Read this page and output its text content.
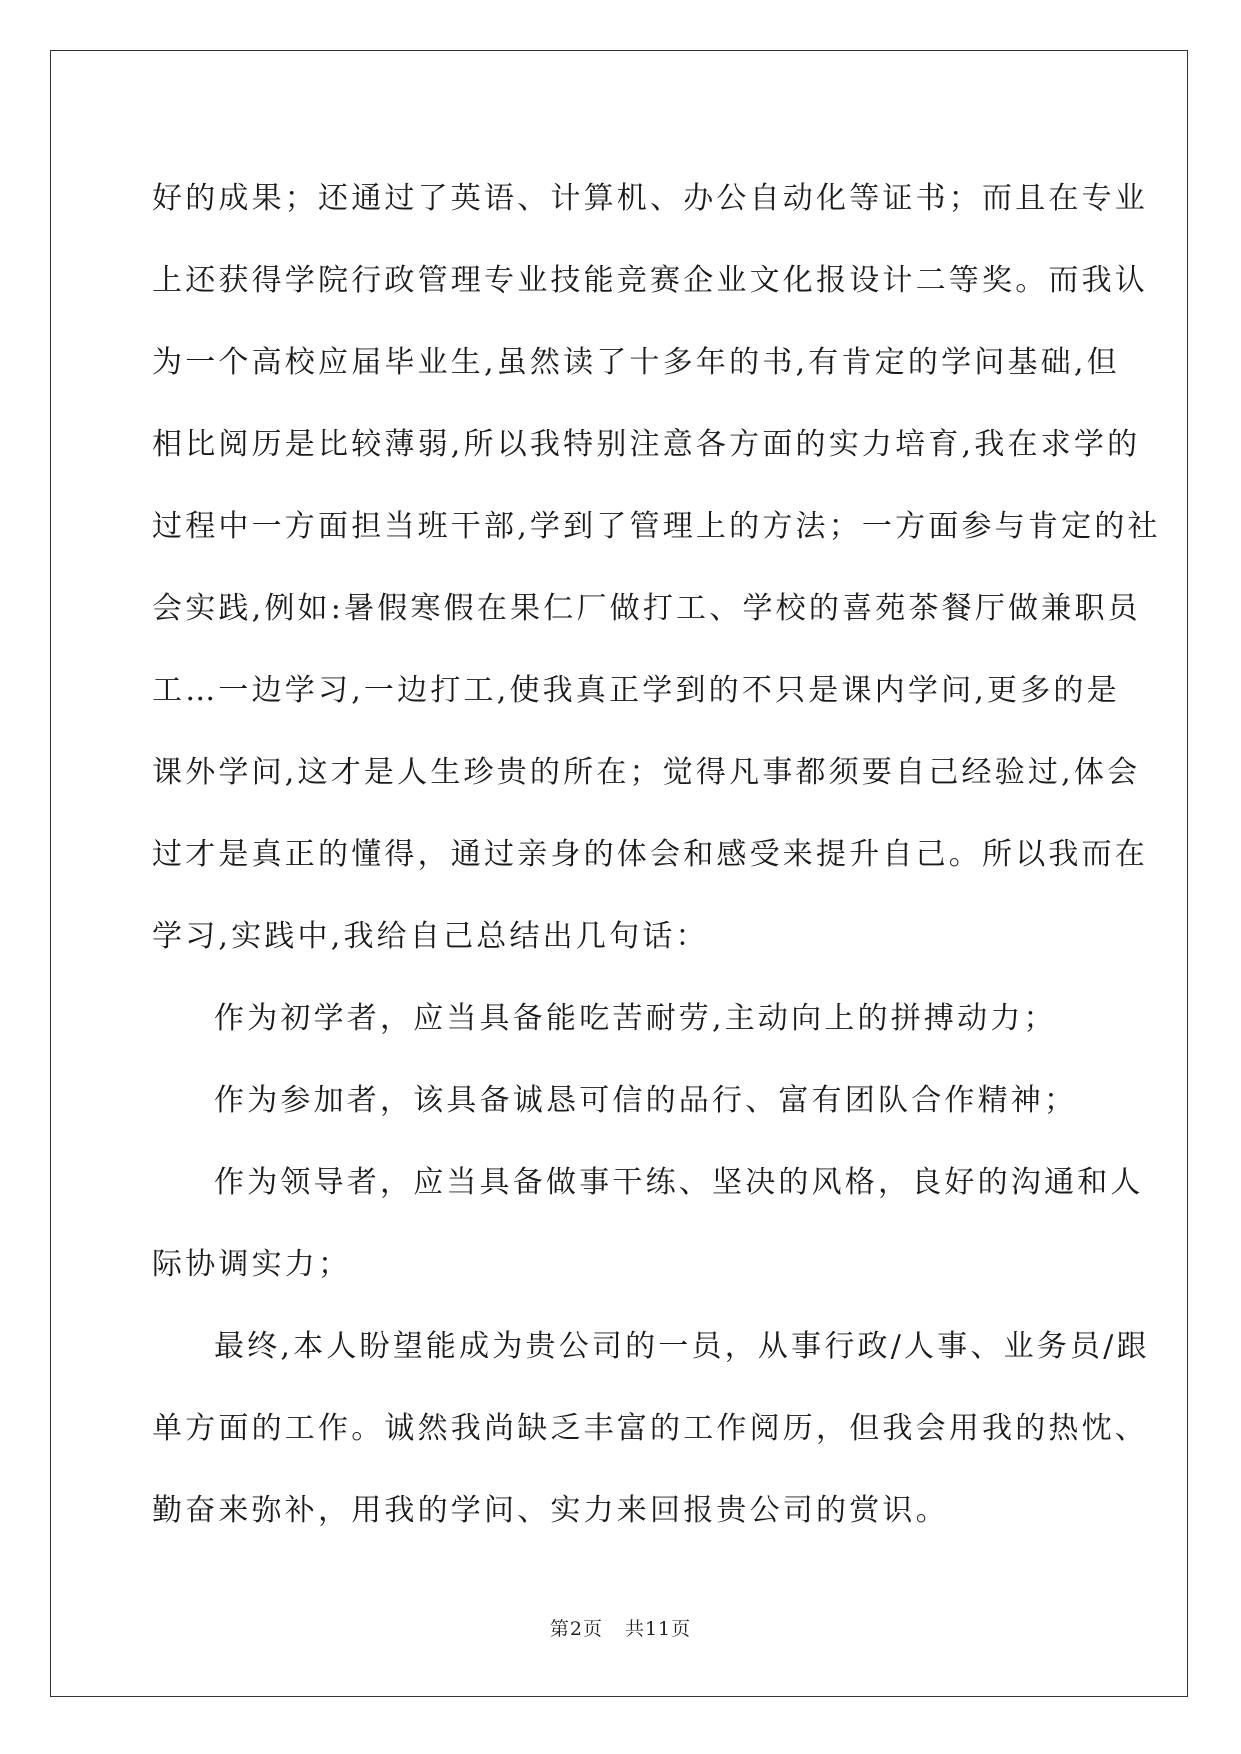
好的成果；还通过了英语、计算机、办公自动化等证书；而且在专业
上还获得学院行政管理专业技能竞赛企业文化报设计二等奖。而我认
为一个高校应届毕业生,虽然读了十多年的书,有肯定的学问基础,但
相比阅历是比较薄弱,所以我特别注意各方面的实力培育,我在求学的
过程中一方面担当班干部,学到了管理上的方法；一方面参与肯定的社
会实践,例如:暑假寒假在果仁厂做打工、学校的喜苑茶餐厅做兼职员
工…一边学习,一边打工,使我真正学到的不只是课内学问,更多的是
课外学问,这才是人生珍贵的所在；觉得凡事都须要自己经验过,体会
过才是真正的懂得，通过亲身的体会和感受来提升自己。所以我而在
学习,实践中,我给自己总结出几句话：
作为初学者，应当具备能吃苦耐劳,主动向上的拼搏动力；
作为参加者，该具备诚恳可信的品行、富有团队合作精神；
作为领导者，应当具备做事干练、坚决的风格，良好的沟通和人
际协调实力；
最终,本人盼望能成为贵公司的一员，从事行政/人事、业务员/跟
单方面的工作。诚然我尚缺乏丰富的工作阅历，但我会用我的热忱、
勤奋来弥补，用我的学问、实力来回报贵公司的赏识。
第2页 共11页
